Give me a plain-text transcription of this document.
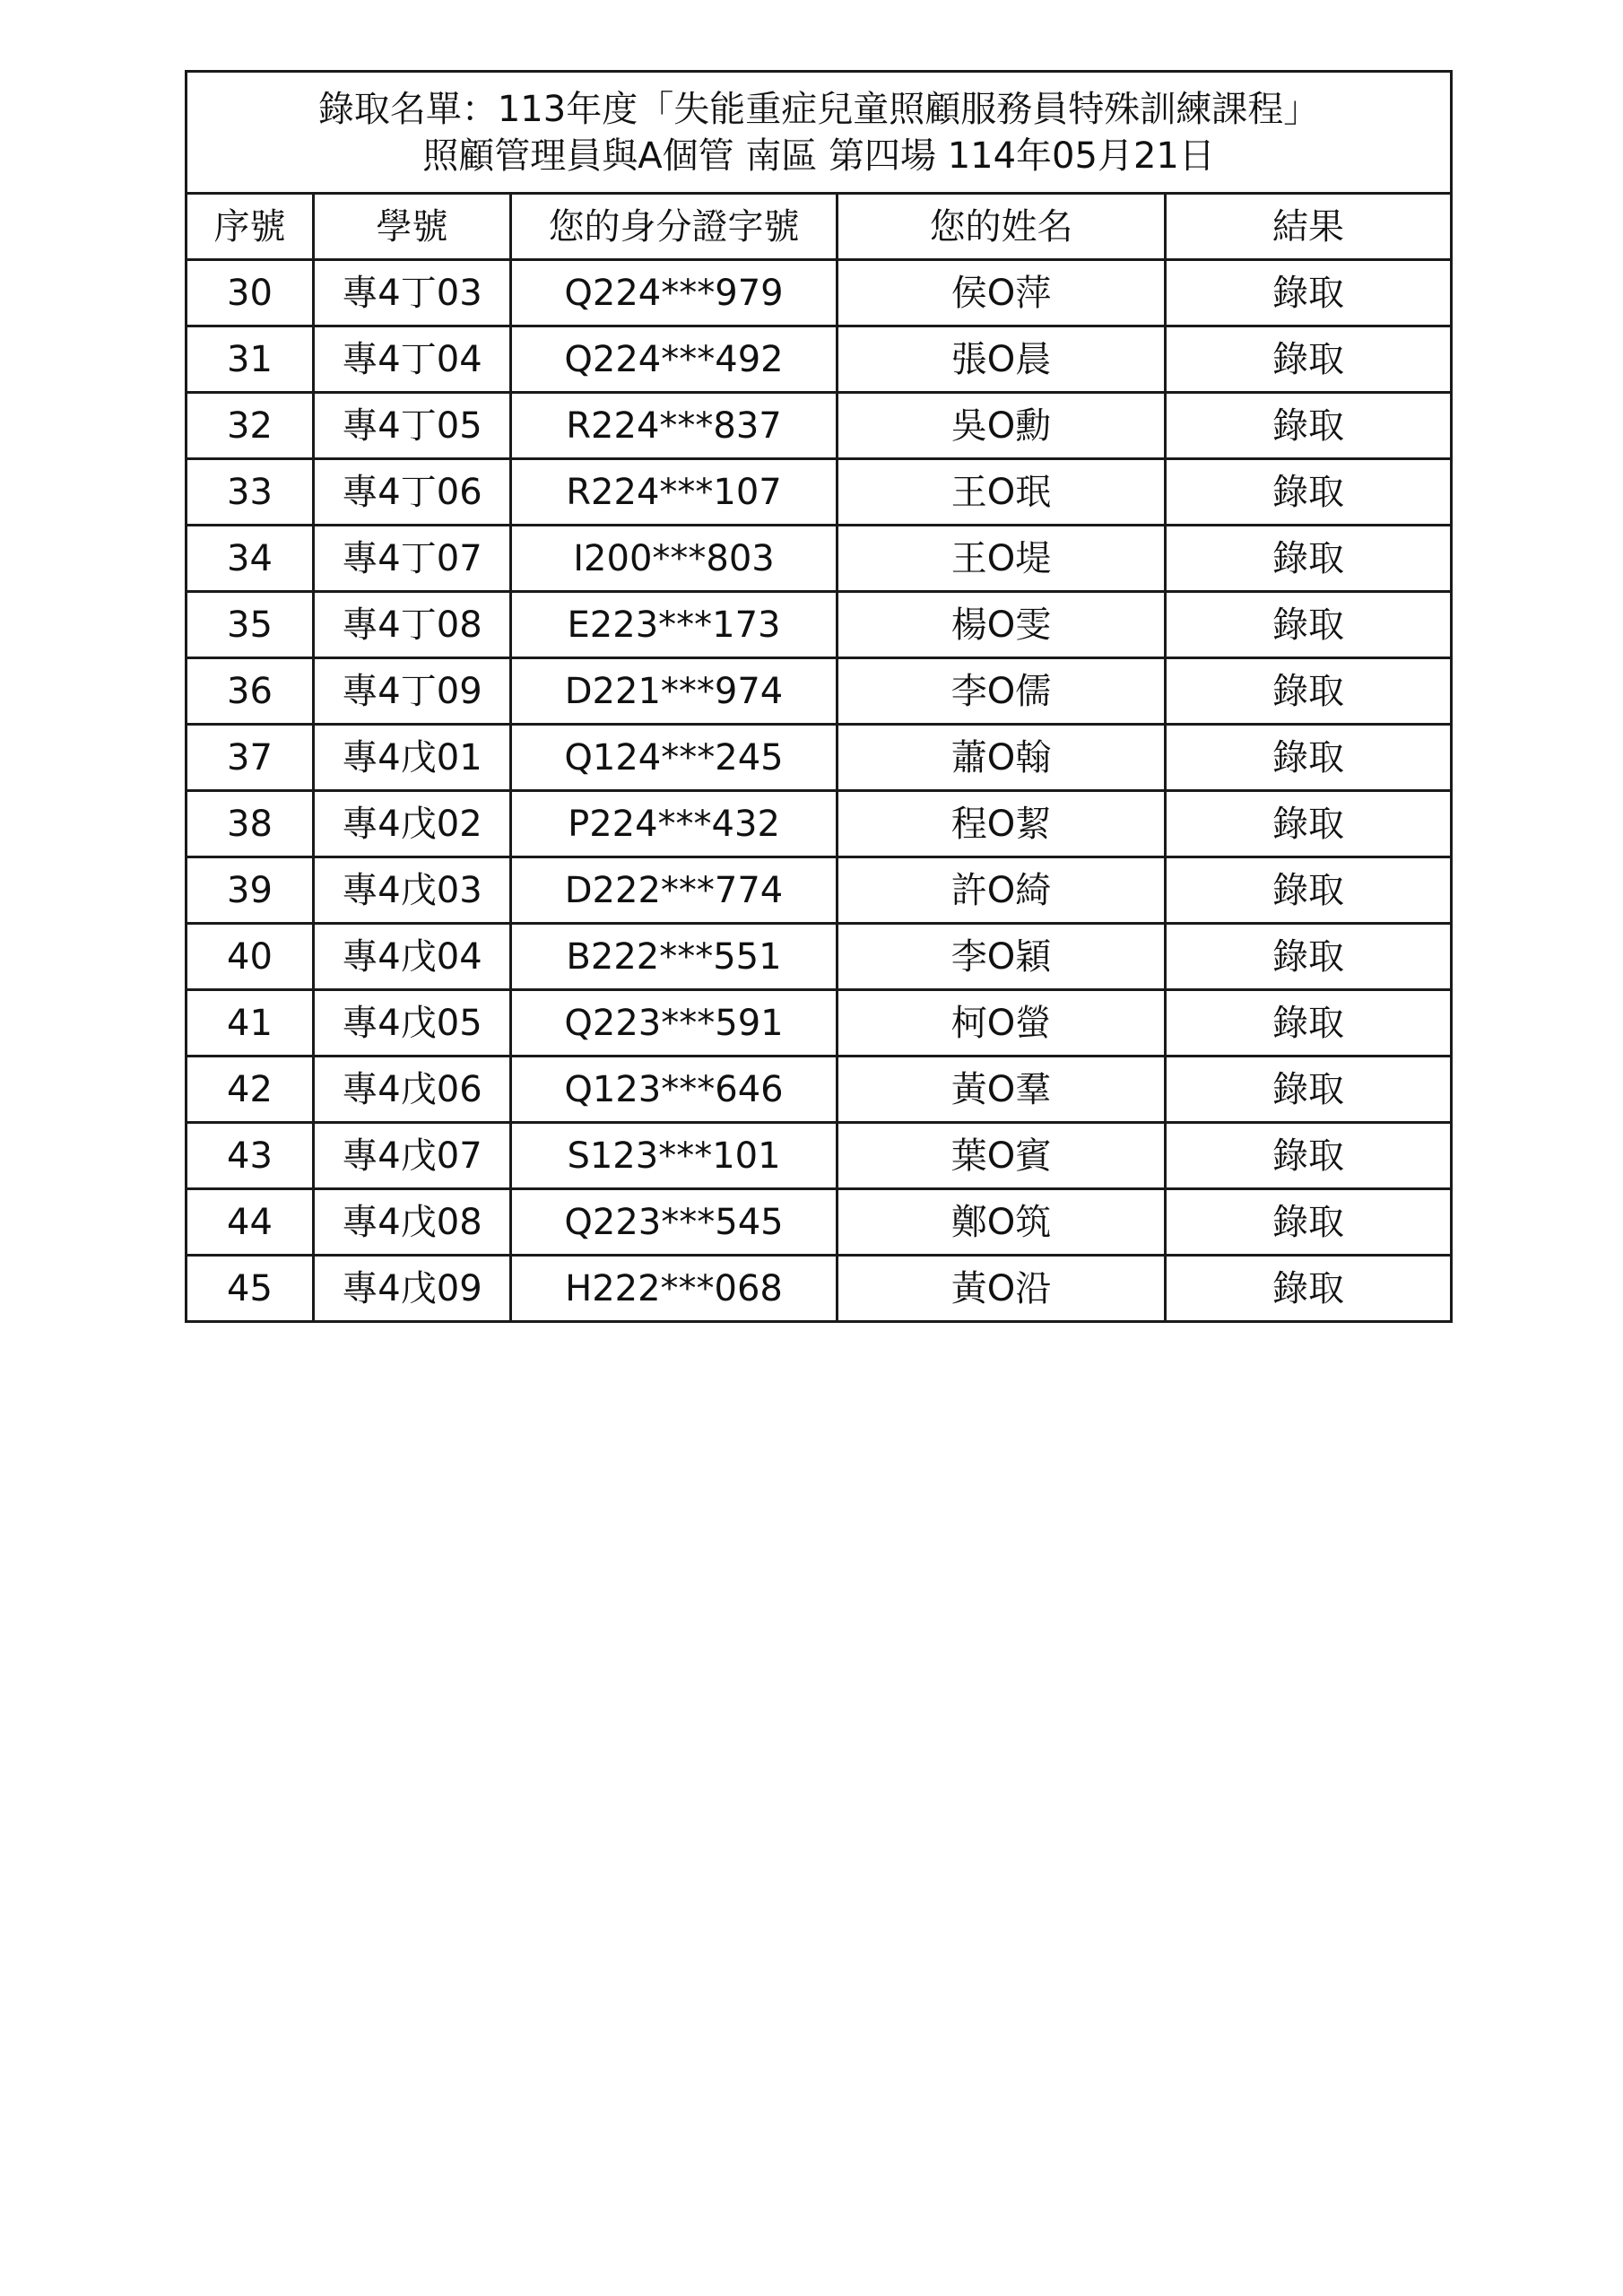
錄取名單：113年度「失能重症兒童照顧服務員特殊訓練課程」
照顧管理員與A個管 南區 第四場 114年05月21日				

序號	學號	您的身分證字號	您的姓名	結果
30	專4丁03	Q224***979	侯O萍	錄取
31	專4丁04	Q224***492	張O晨	錄取
32	專4丁05	R224***837	吳O勳	錄取
33	專4丁06	R224***107	王O珉	錄取
34	專4丁07	I200***803	王O堤	錄取
35	專4丁08	E223***173	楊O雯	錄取
36	專4丁09	D221***974	李O儒	錄取
37	專4戊01	Q124***245	蕭O翰	錄取
38	專4戊02	P224***432	程O絜	錄取
39	專4戊03	D222***774	許O綺	錄取
40	專4戊04	B222***551	李O穎	錄取
41	專4戊05	Q223***591	柯O螢	錄取
42	專4戊06	Q123***646	黃O羣	錄取
43	專4戊07	S123***101	葉O賓	錄取
44	專4戊08	Q223***545	鄭O筑	錄取
45	專4戊09	H222***068	黃O沿	錄取
